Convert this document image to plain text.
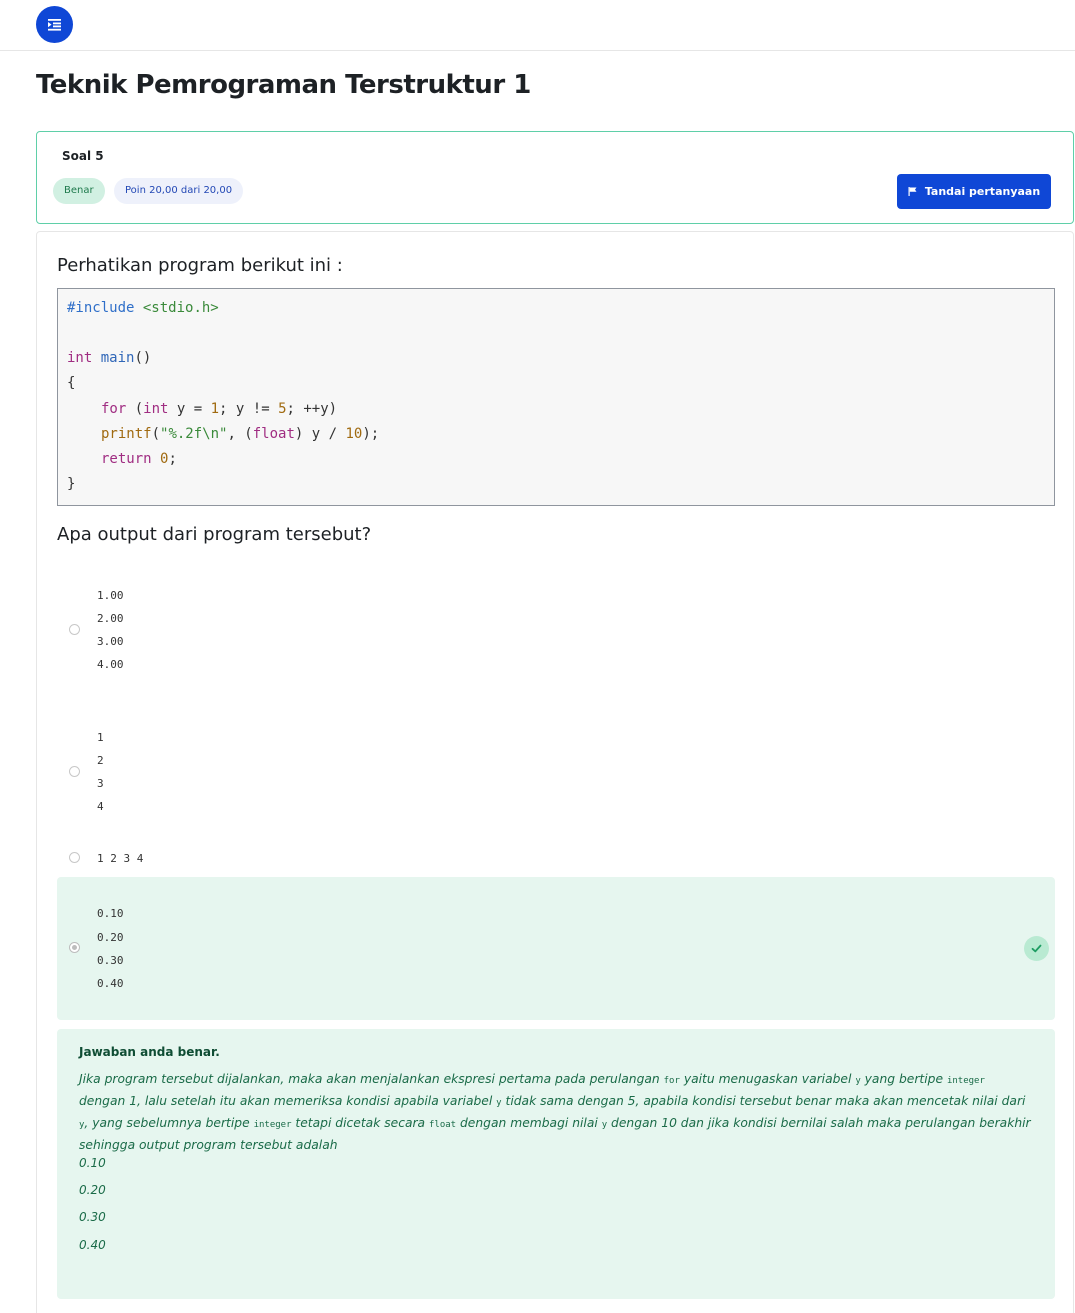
Teknik Pemrograman Terstruktur 1
Soal 5
Benar	Poin 20,00 dari 20,00	Tandai pertanyaan

Perhatikan program berikut ini :

#include <stdio.h>
int main()
{
for (int y = 1; y != 5; ++y)
printf("%.2f\n", (float) y / 10);
return 0;
}

Apa output dari program tersebut?

1.00
2.00
3.00
4.00
1
2
3
4
1 2 3 4
0.10
0.20
0.30
0.40
Jawaban anda benar.
Jika program tersebut dijalankan, maka akan menjalankan ekspresi pertama pada perulangan for yaitu menugaskan variabel y yang bertipe integer dengan 1, lalu setelah itu akan memeriksa kondisi apabila variabel y tidak sama dengan 5, apabila kondisi tersebut benar maka akan mencetak nilai dari y, yang sebelumnya bertipe integer tetapi dicetak secara float dengan membagi nilai y dengan 10 dan jika kondisi bernilai salah maka perulangan berakhir sehingga output program tersebut adalah
0.10
0.20
0.30
0.40
